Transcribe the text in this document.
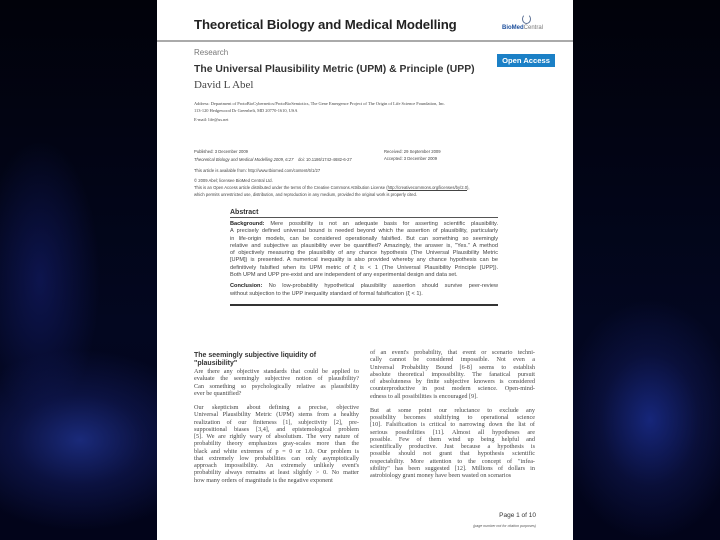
Theoretical Biology and Medical Modelling	BioMedCentral
Research
Open Access
The Universal Plausibility Metric (UPM) & Principle (UPP)
David L Abel
Address: Department of ProtoBioCybernetics/ProtoBioSemiotics, The Gene Emergence Project of The Origin of Life Science Foundation, Inc.
113-120 Hedgewood Dr Greenbelt, MD 20770-1610, USA
E-mail: life@us.net
Published: 3 December 2009
Theoretical Biology and Medical Modelling 2009, 6:27 doi: 10.1186/1742-4682-6-27
Received: 29 September 2009
Accepted: 3 December 2009
This article is available from: http://www.tbiomed.com/content/6/1/27
© 2009 Abel; licensee BioMed Central Ltd.
This is an Open Access article distributed under the terms of the Creative Commons Attribution License (http://creativecommons.org/licenses/by/2.0),
which permits unrestricted use, distribution, and reproduction in any medium, provided the original work is properly cited.
Abstract
Background: Mere possibility is not an adequate basis for asserting scientific plausibility.
A precisely defined universal bound is needed beyond which the assertion of plausibility, particularly
in life-origin models, can be considered operationally falsified. But can something so seemingly
relative and subjective as plausibility ever be quantified? Amazingly, the answer is, "Yes." A method
of objectively measuring the plausibility of any chance hypothesis (The Universal Plausibility Metric
[UPM]) is presented. A numerical inequality is also provided whereby any chance hypothesis can be
definitively falsified when its UPM metric of ξ is < 1 (The Universal Plausibility Principle [UPP]).
Both UPM and UPP pre-exist and are independent of any experimental design and data set.
Conclusion: No low-probability hypothetical plausibility assertion should survive peer-review
without subjection to the UPP inequality standard of formal falsification (ξ < 1).
The seemingly subjective liquidity of
"plausibility"
Are there any objective standards that could be applied to
evaluate the seemingly subjective notion of plausibility?
Can something so psychologically relative as plausibility
ever be quantified?
Our skepticism about defining a precise, objective
Universal Plausibility Metric (UPM) stems from a healthy
realization of our finiteness [1], subjectivity [2], pre-
suppositional biases [3,4], and epistemological problem
[5]. We are rightly wary of absolutism. The very nature of
probability theory emphasizes gray-scales more than the
black and white extremes of p = 0 or 1.0. Our problem is
that extremely low probabilities can only asymptotically
approach impossibility. An extremely unlikely event's
probability always remains at least slightly > 0. No matter
how many orders of magnitude is the negative exponent
of an event's probability, that event or scenario techni-
cally cannot be considered impossible. Not even a
Universal Probability Bound [6-8] seems to establish
absolute theoretical impossibility. The fanatical pursuit
of absoluteness by finite subjective knowers is considered
counterproductive in post modern science. Open-mind-
edness to all possibilities is encouraged [9].
But at some point our reluctance to exclude any
possibility becomes stultifying to operational science
[10]. Falsification is critical to narrowing down the list of
serious possibilities [11]. Almost all hypotheses are
possible. Few of them wind up being helpful and
scientifically productive. Just because a hypothesis is
possible should not grant that hypothesis scientific
respectability. More attention to the concept of "infea-
sibility" has been suggested [12]. Millions of dollars in
astrobiology grant money have been wasted on scenarios
Page 1 of 10
(page number not for citation purposes)
